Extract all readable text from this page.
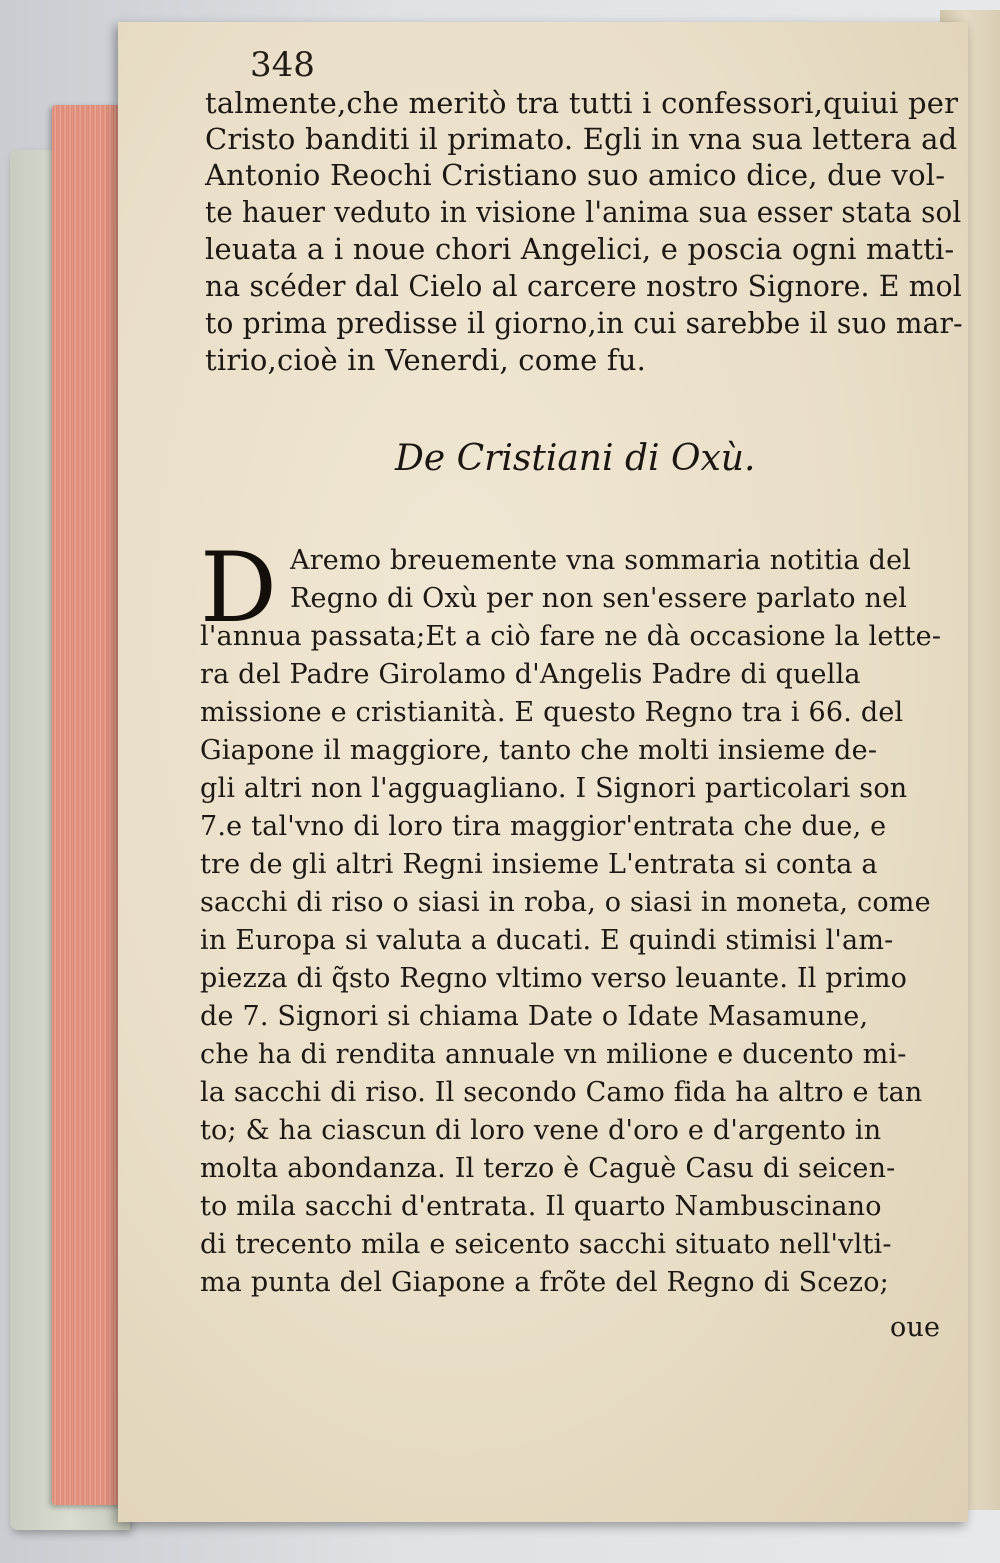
348
talmente,che meritò tra tutti i confessori,quiui per
Cristo banditi il primato. Egli in vna sua lettera ad
Antonio Reochi Cristiano suo amico dice, due vol-
te hauer veduto in visione l'anima sua esser stata sol
leuata a i noue chori Angelici, e poscia ogni matti-
na scéder dal Cielo al carcere nostro Signore. E mol
to prima predisse il giorno,in cui sarebbe il suo mar-
tirio,cioè in Venerdi, come fu.
De Cristiani di Oxù.
D Aremo breuemente vna sommaria notitia del
Regno di Oxù per non sen'essere parlato nel
l'annua passata;Et a ciò fare ne dà occasione la lette-
ra del Padre Girolamo d'Angelis Padre di quella
missione e cristianità. E questo Regno tra i 66. del
Giapone il maggiore, tanto che molti insieme de-
gli altri non l'agguagliano. I Signori particolari son
7.e tal'vno di loro tira maggior'entrata che due, e
tre de gli altri Regni insieme L'entrata si conta a
sacchi di riso o siasi in roba, o siasi in moneta, come
in Europa si valuta a ducati. E quindi stimisi l'am-
piezza di q̃sto Regno vltimo verso leuante. Il primo
de 7. Signori si chiama Date o Idate Masamune,
che ha di rendita annuale vn milione e ducento mi-
la sacchi di riso. Il secondo Camo fida ha altro e tan
to; & ha ciascun di loro vene d'oro e d'argento in
molta abondanza. Il terzo è Caguè Casu di seicen-
to mila sacchi d'entrata. Il quarto Nambuscinano
di trecento mila e seicento sacchi situato nell'vlti-
ma punta del Giapone a frõte del Regno di Scezo;
oue
